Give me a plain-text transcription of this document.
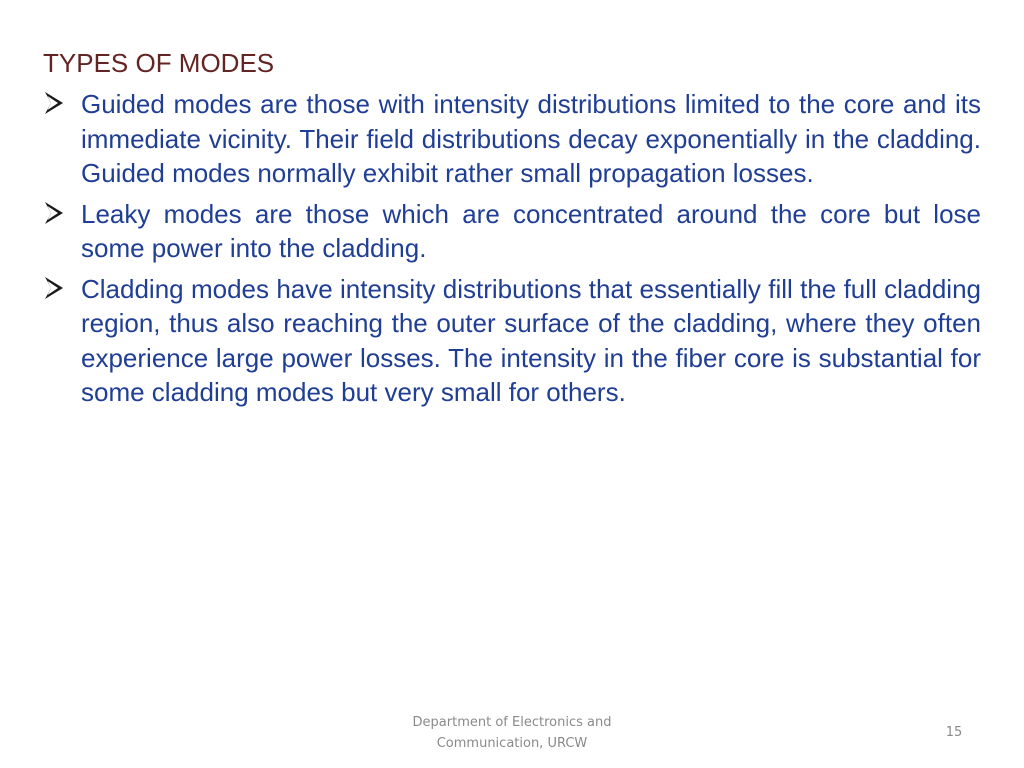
TYPES OF MODES
Guided modes are those with intensity distributions limited to the core and its immediate vicinity. Their field distributions decay exponentially in the cladding. Guided modes normally exhibit rather small propagation losses.
Leaky modes are those which are concentrated around the core but lose some power into the cladding.
Cladding modes have intensity distributions that essentially fill the full cladding region, thus also reaching the outer surface of the cladding, where they often experience large power losses. The intensity in the fiber core is substantial for some cladding modes but very small for others.
Department of Electronics and
Communication, URCW
15
